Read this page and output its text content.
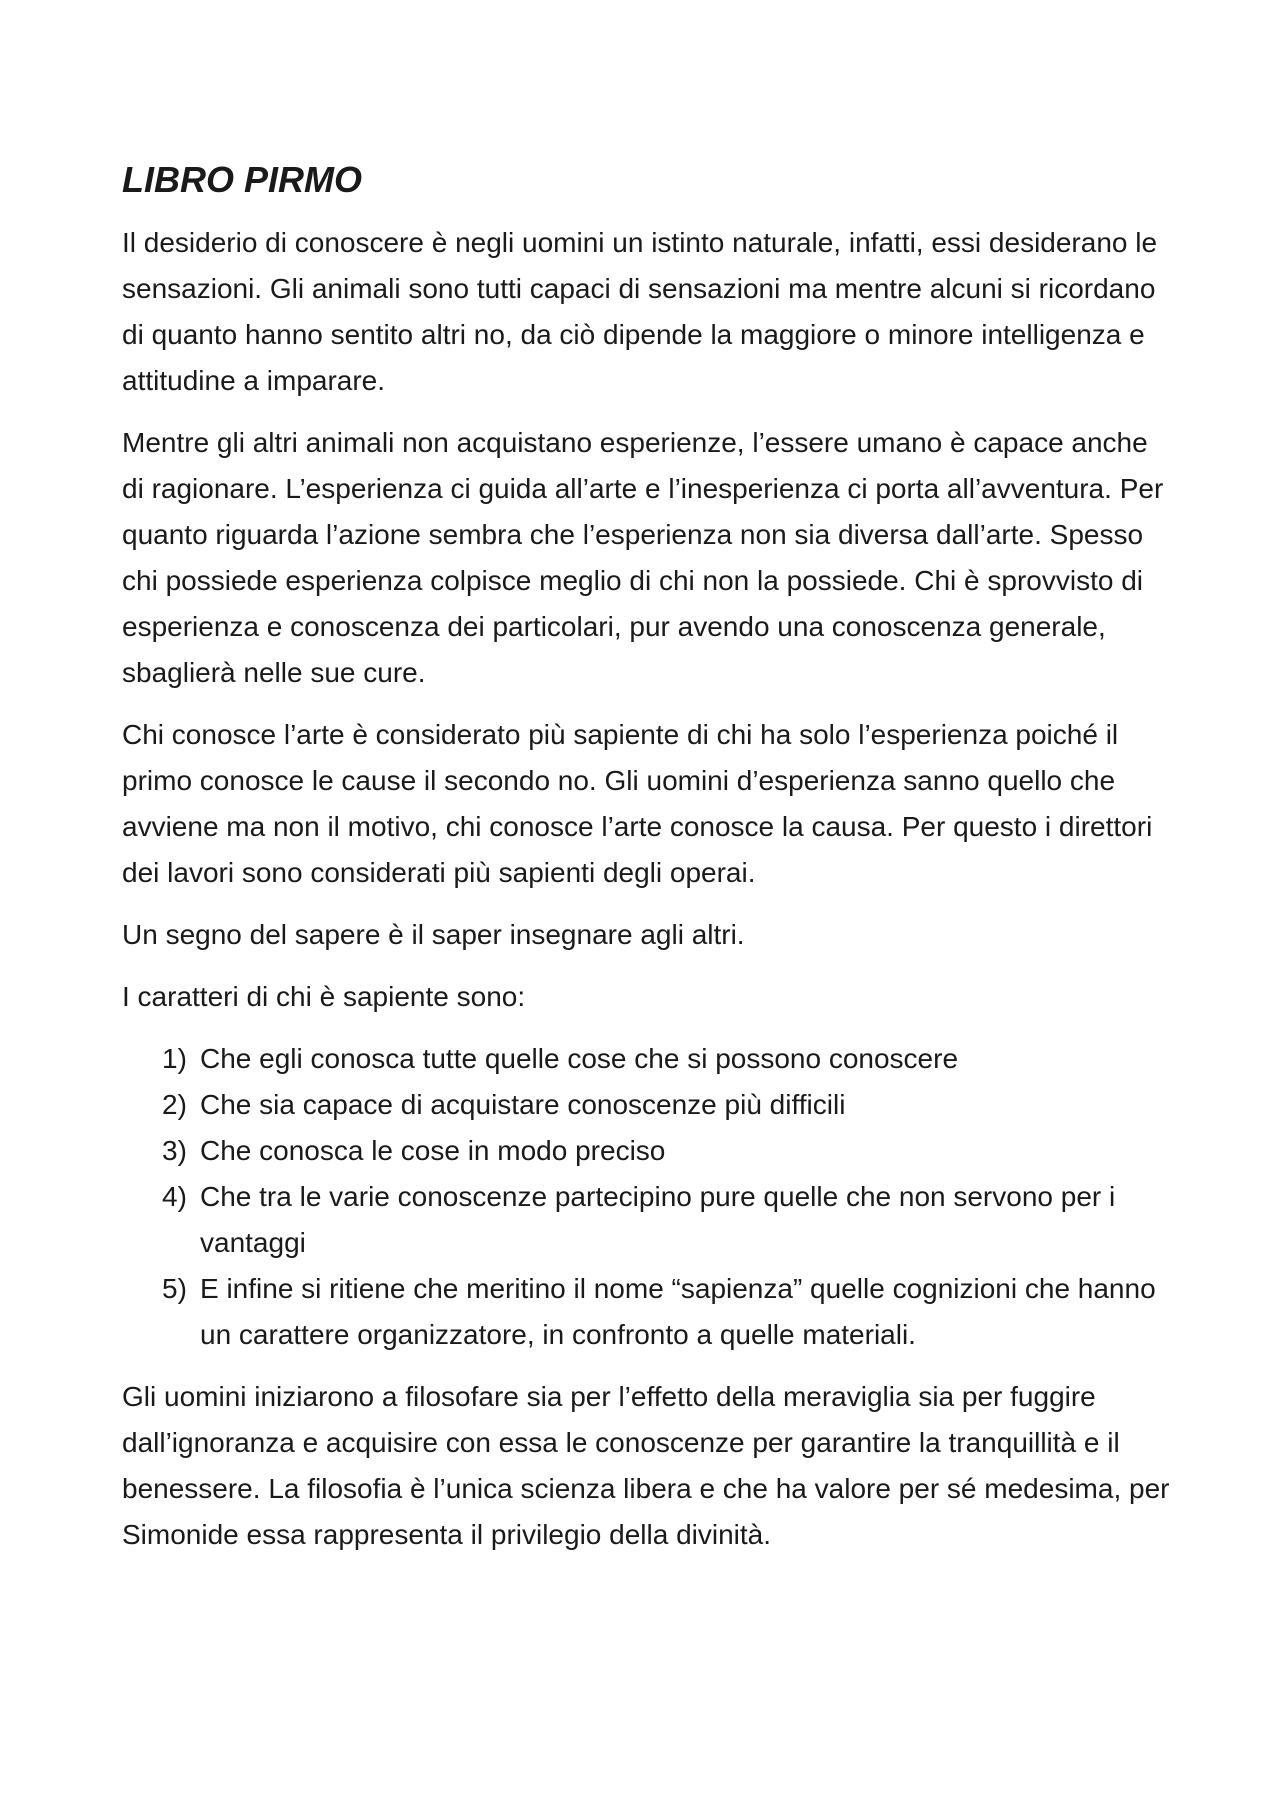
LIBRO PIRMO

Il desiderio di conoscere è negli uomini un istinto naturale, infatti, essi desiderano le sensazioni. Gli animali sono tutti capaci di sensazioni ma mentre alcuni si ricordano di quanto hanno sentito altri no, da ciò dipende la maggiore o minore intelligenza e attitudine a imparare.

Mentre gli altri animali non acquistano esperienze, l’essere umano è capace anche di ragionare. L’esperienza ci guida all’arte e l’inesperienza ci porta all’avventura. Per quanto riguarda l’azione sembra che l’esperienza non sia diversa dall’arte. Spesso chi possiede esperienza colpisce meglio di chi non la possiede. Chi è sprovvisto di esperienza e conoscenza dei particolari, pur avendo una conoscenza generale, sbaglierà nelle sue cure.

Chi conosce l’arte è considerato più sapiente di chi ha solo l’esperienza poiché il primo conosce le cause il secondo no. Gli uomini d’esperienza sanno quello che avviene ma non il motivo, chi conosce l’arte conosce la causa. Per questo i direttori dei lavori sono considerati più sapienti degli operai.

Un segno del sapere è il saper insegnare agli altri.

I caratteri di chi è sapiente sono:

1) Che egli conosca tutte quelle cose che si possono conoscere
2) Che sia capace di acquistare conoscenze più difficili
3) Che conosca le cose in modo preciso
4) Che tra le varie conoscenze partecipino pure quelle che non servono per i vantaggi
5) E infine si ritiene che meritino il nome “sapienza” quelle cognizioni che hanno un carattere organizzatore, in confronto a quelle materiali.

Gli uomini iniziarono a filosofare sia per l’effetto della meraviglia sia per fuggire dall’ignoranza e acquisire con essa le conoscenze per garantire la tranquillità e il benessere. La filosofia è l’unica scienza libera e che ha valore per sé medesima, per Simonide essa rappresenta il privilegio della divinità.
